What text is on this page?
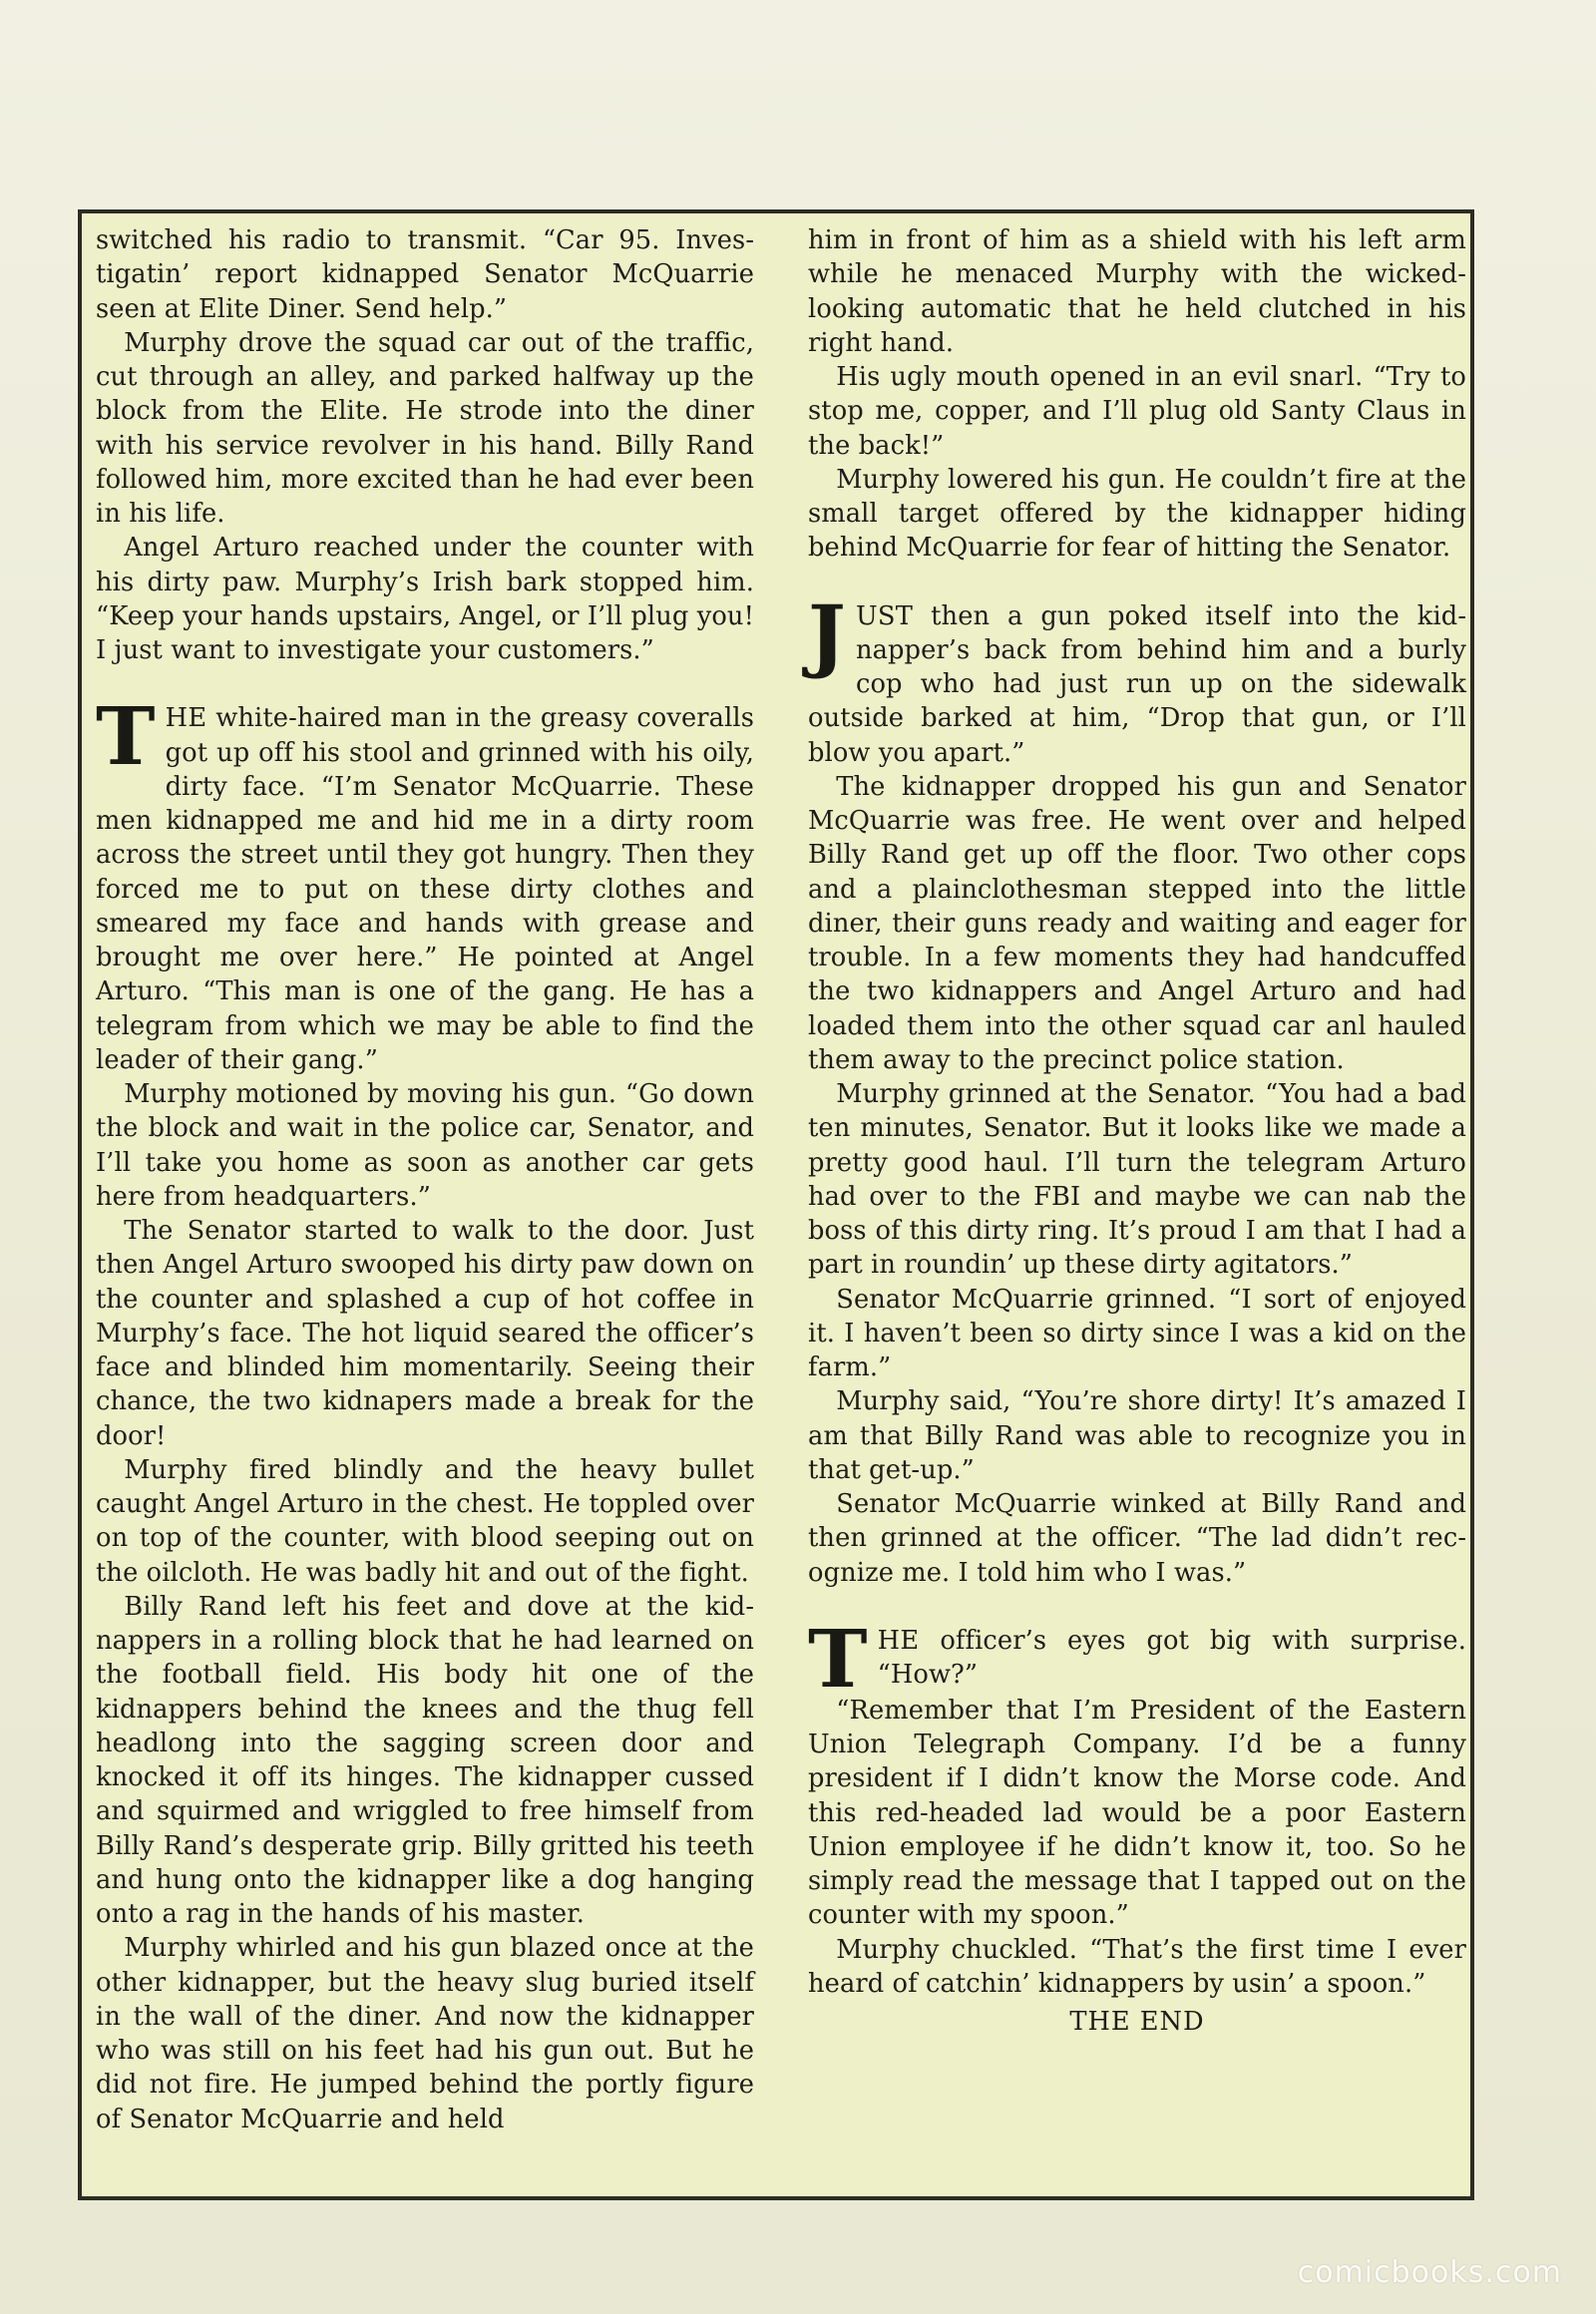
switched his radio to transmit. “Car 95. Investigatin’ report kidnapped Senator McQuarrie seen at Elite Diner. Send help.”

Murphy drove the squad car out of the traffic, cut through an alley, and parked halfway up the block from the Elite. He strode into the diner with his service revolver in his hand. Billy Rand followed him, more excited than he had ever been in his life.

Angel Arturo reached under the counter with his dirty paw. Murphy’s Irish bark stopped him. “Keep your hands upstairs, Angel, or I’ll plug you! I just want to investigate your customers.”

THE white-haired man in the greasy coveralls got up off his stool and grinned with his oily, dirty face. “I’m Senator McQuarrie. These men kidnapped me and hid me in a dirty room across the street until they got hungry. Then they forced me to put on these dirty clothes and smeared my face and hands with grease and brought me over here.” He pointed at Angel Arturo. “This man is one of the gang. He has a telegram from which we may be able to find the leader of their gang.”

Murphy motioned by moving his gun. “Go down the block and wait in the police car, Senator, and I’ll take you home as soon as another car gets here from headquarters.”

The Senator started to walk to the door. Just then Angel Arturo swooped his dirty paw down on the counter and splashed a cup of hot coffee in Murphy’s face. The hot liquid seared the officer’s face and blinded him momentarily. Seeing their chance, the two kidnapers made a break for the door!

Murphy fired blindly and the heavy bullet caught Angel Arturo in the chest. He toppled over on top of the counter, with blood seeping out on the oilcloth. He was badly hit and out of the fight.

Billy Rand left his feet and dove at the kidnappers in a rolling block that he had learned on the football field. His body hit one of the kidnappers behind the knees and the thug fell headlong into the sagging screen door and knocked it off its hinges. The kidnapper cussed and squirmed and wriggled to free himself from Billy Rand’s desperate grip. Billy gritted his teeth and hung onto the kidnapper like a dog hanging onto a rag in the hands of his master.

Murphy whirled and his gun blazed once at the other kidnapper, but the heavy slug buried itself in the wall of the diner. And now the kidnapper who was still on his feet had his gun out. But he did not fire. He jumped behind the portly figure of Senator McQuarrie and held

him in front of him as a shield with his left arm while he menaced Murphy with the wicked-looking automatic that he held clutched in his right hand.

His ugly mouth opened in an evil snarl. “Try to stop me, copper, and I’ll plug old Santy Claus in the back!”

Murphy lowered his gun. He couldn’t fire at the small target offered by the kidnapper hiding behind McQuarrie for fear of hitting the Senator.

JUST then a gun poked itself into the kidnapper’s back from behind him and a burly cop who had just run up on the sidewalk outside barked at him, “Drop that gun, or I’ll blow you apart.”

The kidnapper dropped his gun and Senator McQuarrie was free. He went over and helped Billy Rand get up off the floor. Two other cops and a plainclothesman stepped into the little diner, their guns ready and waiting and eager for trouble. In a few moments they had handcuffed the two kidnappers and Angel Arturo and had loaded them into the other squad car anl hauled them away to the precinct police station.

Murphy grinned at the Senator. “You had a bad ten minutes, Senator. But it looks like we made a pretty good haul. I’ll turn the telegram Arturo had over to the FBI and maybe we can nab the boss of this dirty ring. It’s proud I am that I had a part in roundin’ up these dirty agitators.”

Senator McQuarrie grinned. “I sort of enjoyed it. I haven’t been so dirty since I was a kid on the farm.”

Murphy said, “You’re shore dirty! It’s amazed I am that Billy Rand was able to recognize you in that get-up.”

Senator McQuarrie winked at Billy Rand and then grinned at the officer. “The lad didn’t recognize me. I told him who I was.”

THE officer’s eyes got big with surprise. “How?”

“Remember that I’m President of the Eastern Union Telegraph Company. I’d be a funny president if I didn’t know the Morse code. And this red-headed lad would be a poor Eastern Union employee if he didn’t know it, too. So he simply read the message that I tapped out on the counter with my spoon.”

Murphy chuckled. “That’s the first time I ever heard of catchin’ kidnappers by usin’ a spoon.”

THE END

comicbooks.com
